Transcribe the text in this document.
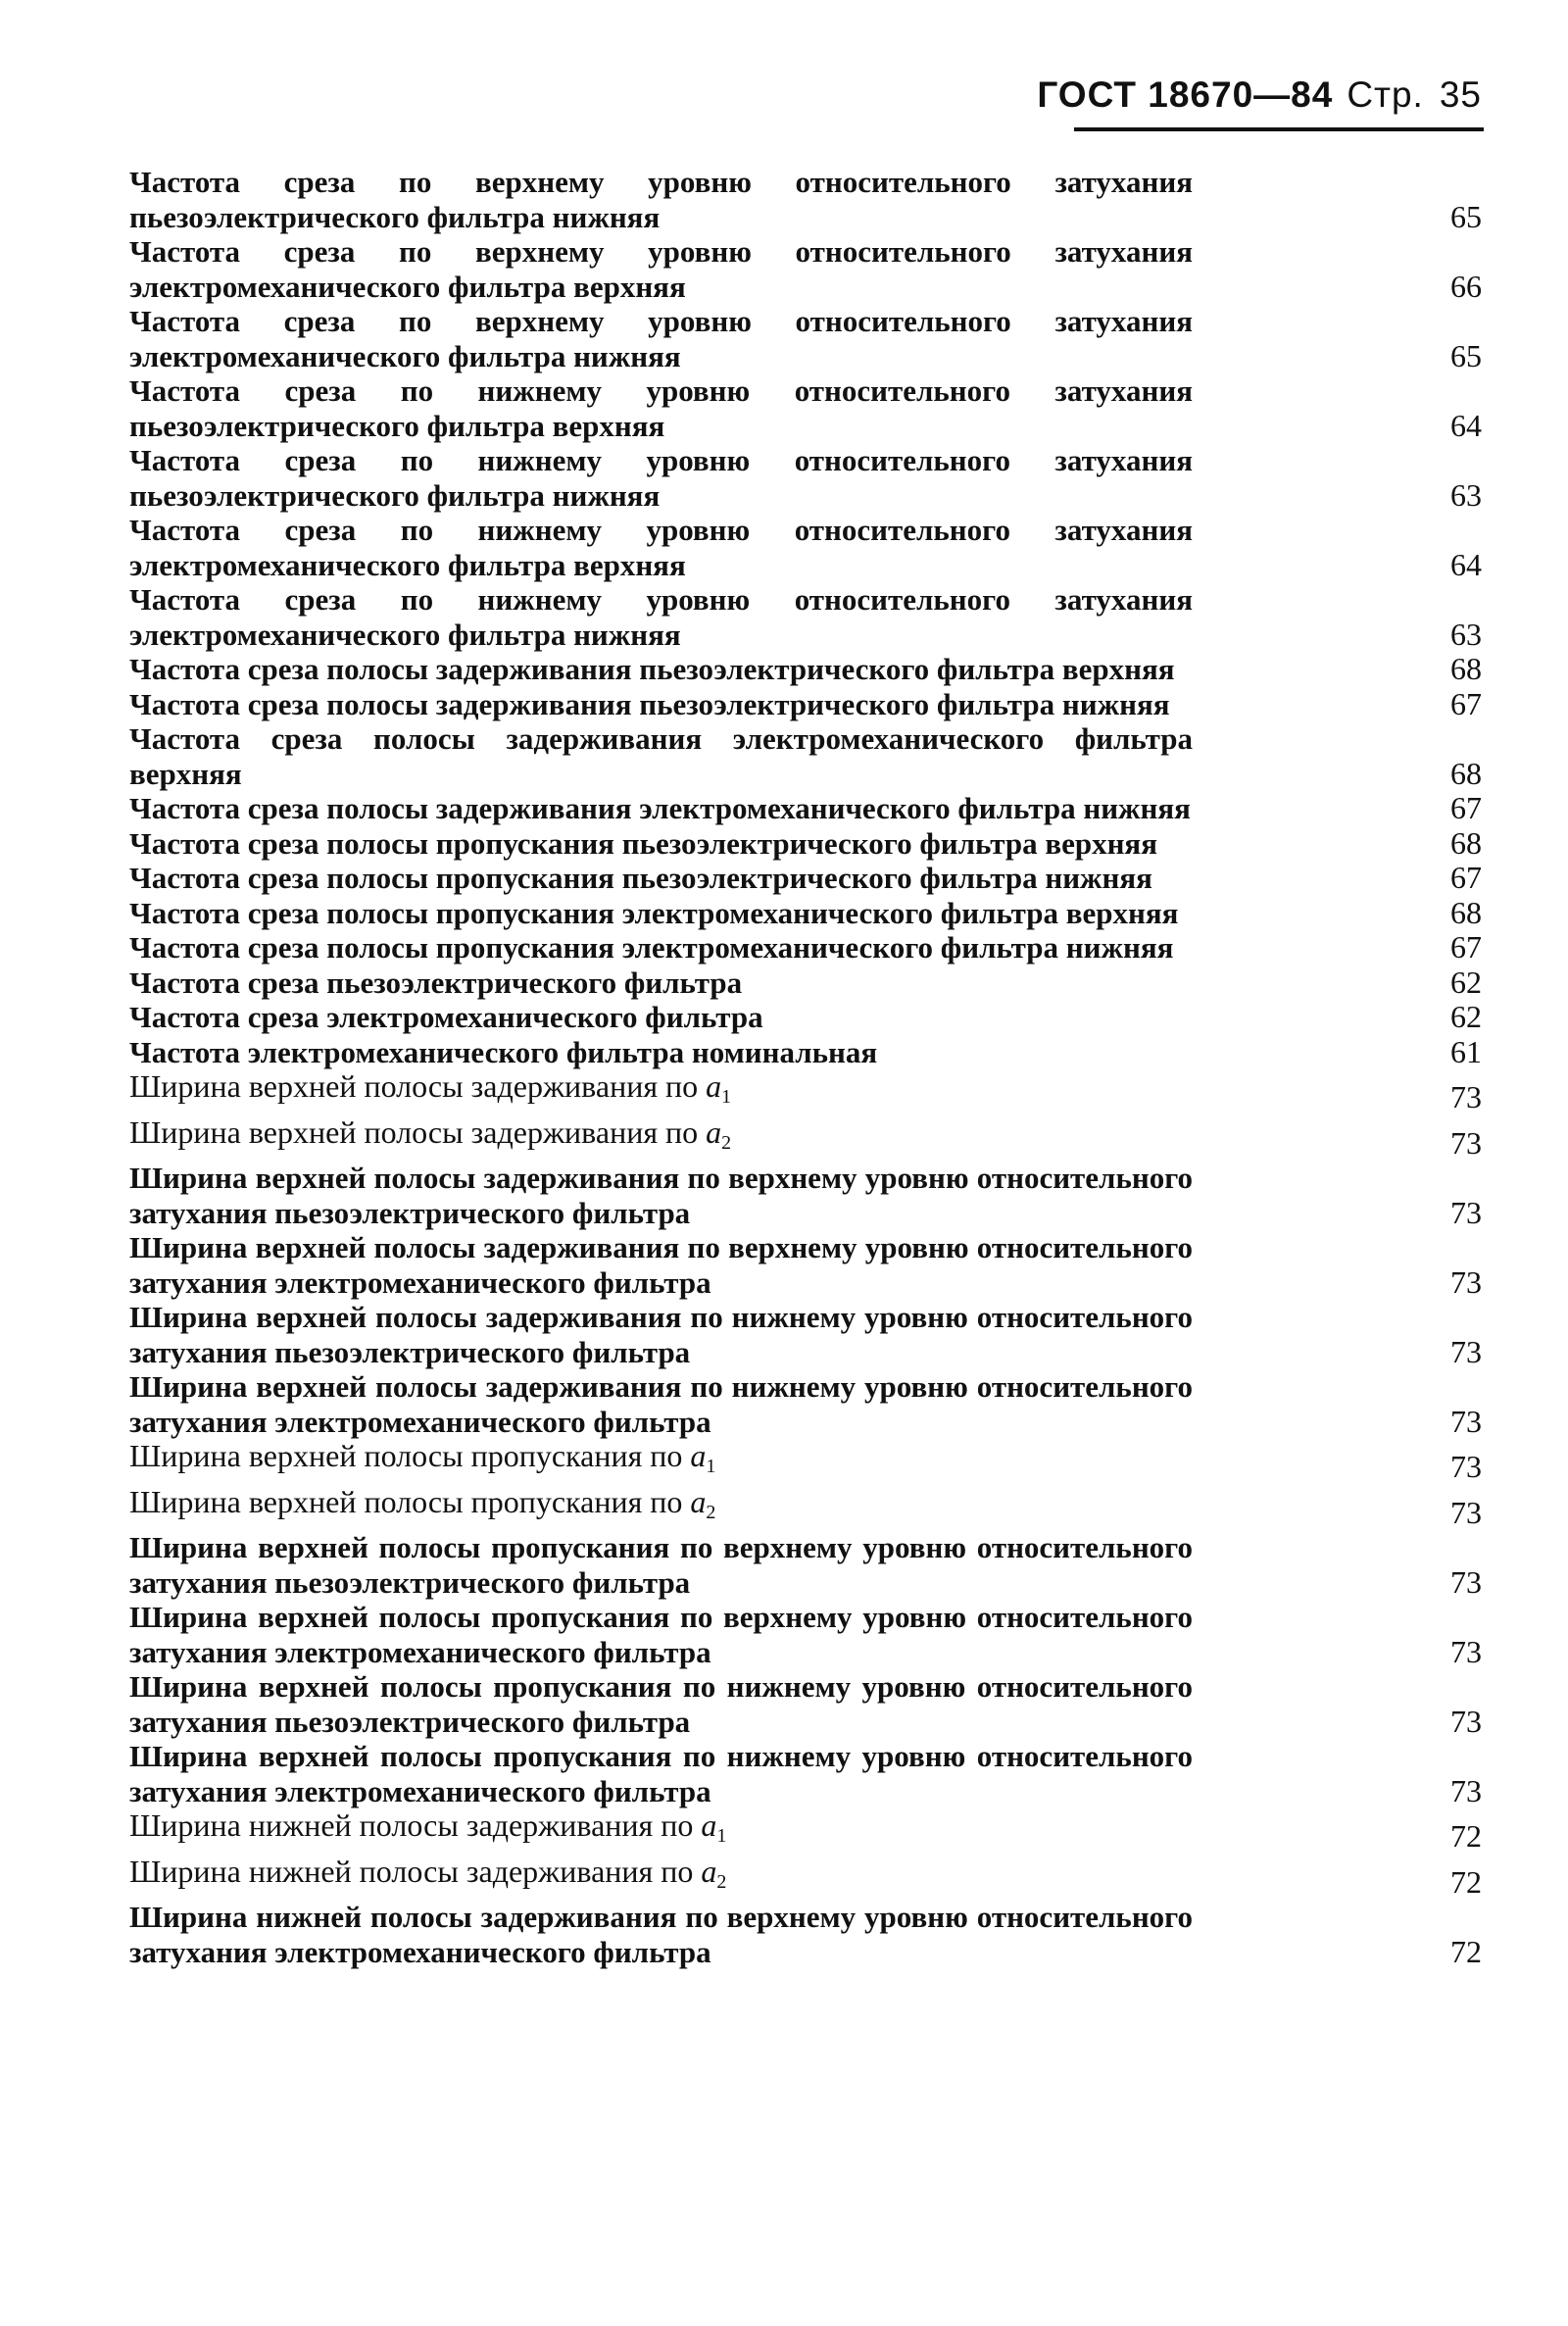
ГОСТ 18670—84 Стр. 35
Частота среза по верхнему уровню относительного затухания пьезоэлектрического фильтра нижняя	65
Частота среза по верхнему уровню относительного затухания электромеханического фильтра верхняя	66
Частота среза по верхнему уровню относительного затухания электромеханического фильтра нижняя	65
Частота среза по нижнему уровню относительного затухания пьезоэлектрического фильтра верхняя	64
Частота среза по нижнему уровню относительного затухания пьезоэлектрического фильтра нижняя	63
Частота среза по нижнему уровню относительного затухания электромеханического фильтра верхняя	64
Частота среза по нижнему уровню относительного затухания электромеханического фильтра нижняя	63
Частота среза полосы задерживания пьезоэлектрического фильтра верхняя	68
Частота среза полосы задерживания пьезоэлектрического фильтра нижняя	67
Частота среза полосы задерживания электромеханического фильтра верхняя	68
Частота среза полосы задерживания электромеханического фильтра нижняя	67
Частота среза полосы пропускания пьезоэлектрического фильтра верхняя	68
Частота среза полосы пропускания пьезоэлектрического фильтра нижняя	67
Частота среза полосы пропускания электромеханического фильтра верхняя	68
Частота среза полосы пропускания электромеханического фильтра нижняя	67
Частота среза пьезоэлектрического фильтра	62
Частота среза электромеханического фильтра	62
Частота электромеханического фильтра номинальная	61
Ширина верхней полосы задерживания по $a_1$	73
Ширина верхней полосы задерживания по $a_2$	73
Ширина верхней полосы задерживания по верхнему уровню относительного затухания пьезоэлектрического фильтра	73
Ширина верхней полосы задерживания по верхнему уровню относительного затухания электромеханического фильтра	73
Ширина верхней полосы задерживания по нижнему уровню относительного затухания пьезоэлектрического фильтра	73
Ширина верхней полосы задерживания по нижнему уровню относительного затухания электромеханического фильтра	73
Ширина верхней полосы пропускания по $a_1$	73
Ширина верхней полосы пропускания по $a_2$	73
Ширина верхней полосы пропускания по верхнему уровню относительного затухания пьезоэлектрического фильтра	73
Ширина верхней полосы пропускания по верхнему уровню относительного затухания электромеханического фильтра	73
Ширина верхней полосы пропускания по нижнему уровню относительного затухания пьезоэлектрического фильтра	73
Ширина верхней полосы пропускания по нижнему уровню относительного затухания электромеханического фильтра	73
Ширина нижней полосы задерживания по $a_1$	72
Ширина нижней полосы задерживания по $a_2$	72
Ширина нижней полосы задерживания по верхнему уровню относительного затухания электромеханического фильтра	72
